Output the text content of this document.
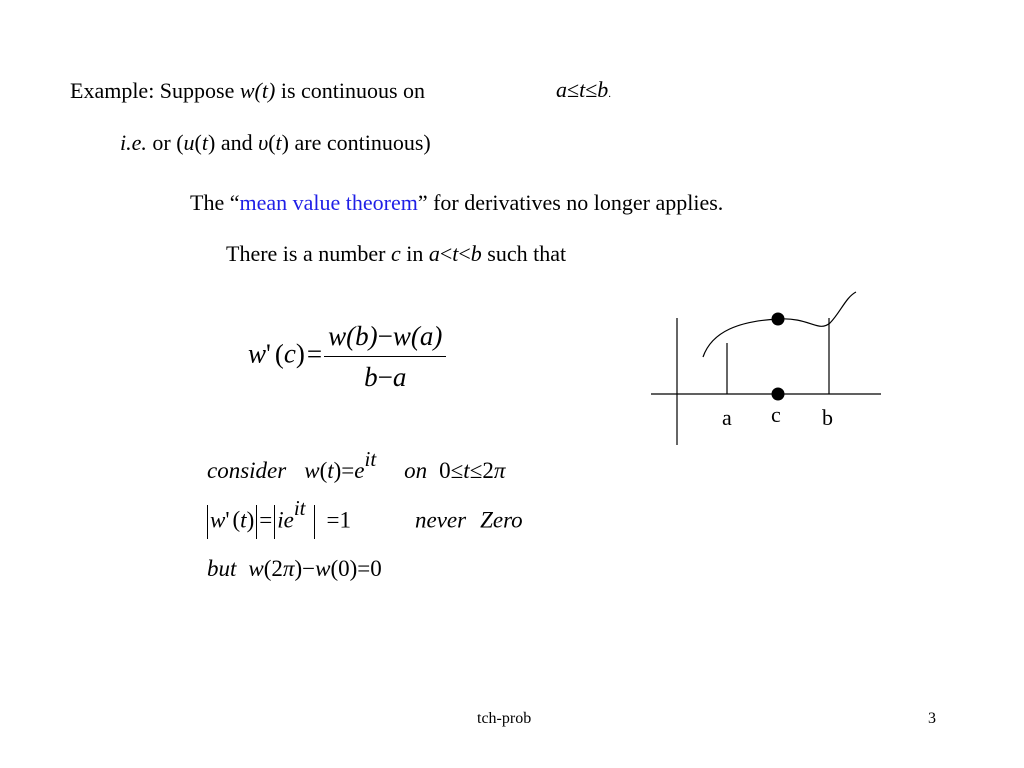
Example: Suppose w(t) is continuous on	a≤t≤b.
i.e. or (u(t) and υ(t) are continuous)
The “mean value theorem” for derivatives no longer applies.
There is a number c in a<t<b such that
w' $(c)= \frac{w(b)-w(a)}{b-a}$
a c b
consider w(t)=eit on 0≤t≤2π
w' (t) = ieit =1	never Zero
but w(2π)−w(0)=0
tch-prob	3
